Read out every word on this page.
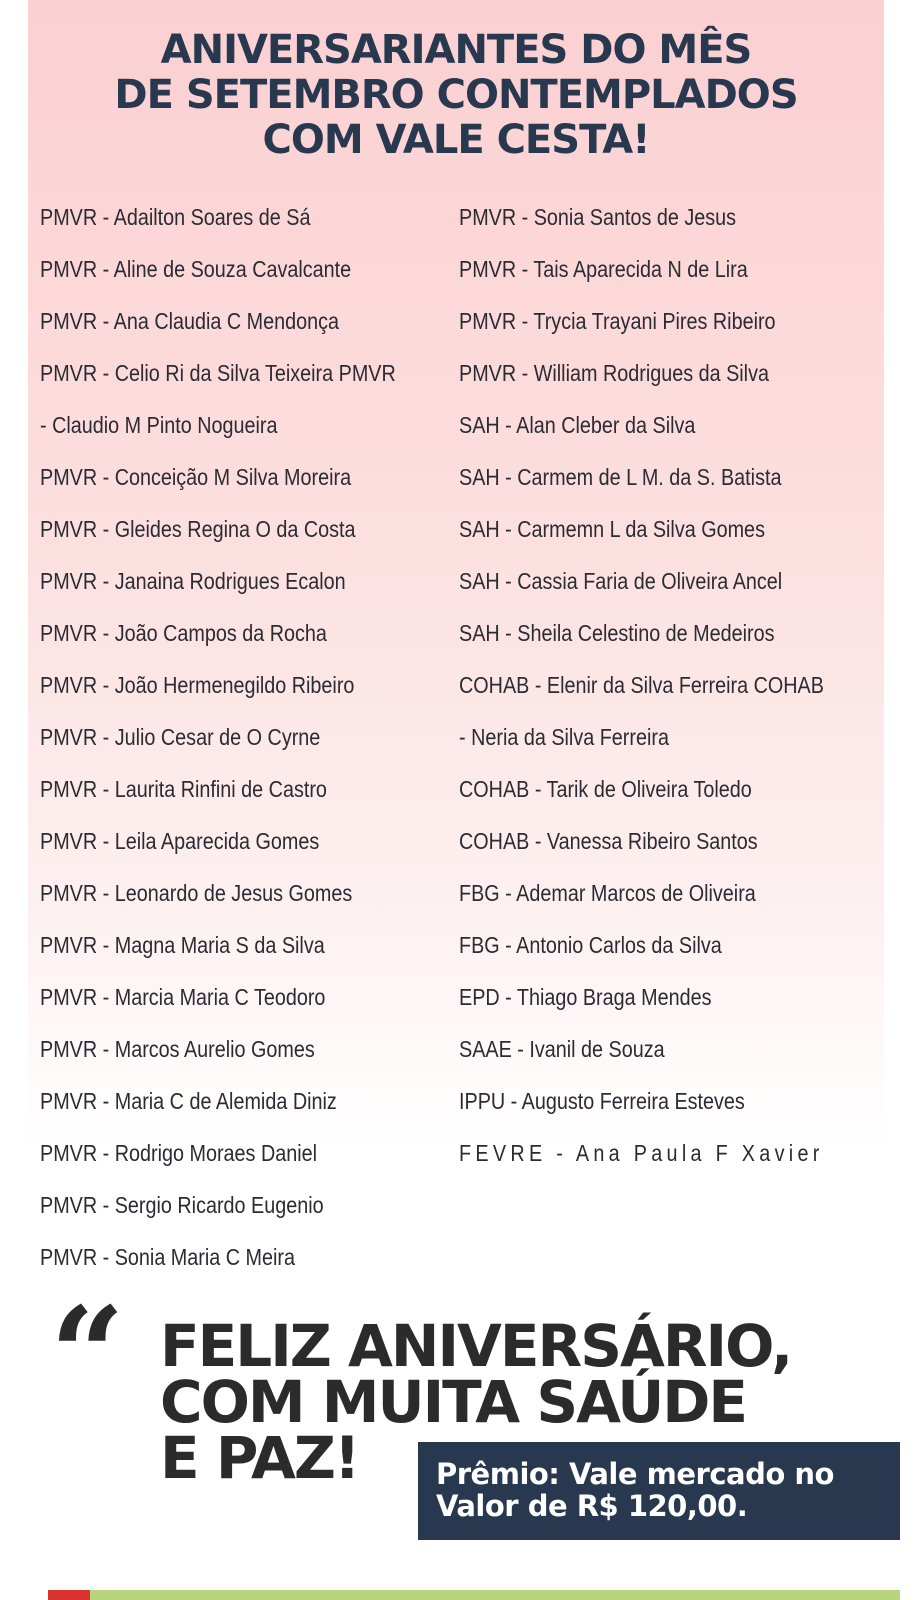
ANIVERSARIANTES DO MÊS
DE SETEMBRO CONTEMPLADOS
COM VALE CESTA!
PMVR - Adailton Soares de Sá
PMVR - Aline de Souza Cavalcante
PMVR - Ana Claudia C Mendonça
PMVR - Celio Ri da Silva Teixeira PMVR
- Claudio M Pinto Nogueira
PMVR - Conceição M Silva Moreira
PMVR - Gleides Regina O da Costa
PMVR - Janaina Rodrigues Ecalon
PMVR - João Campos da Rocha
PMVR - João Hermenegildo Ribeiro
PMVR - Julio Cesar de O Cyrne
PMVR - Laurita Rinfini de Castro
PMVR - Leila Aparecida Gomes
PMVR - Leonardo de Jesus Gomes
PMVR - Magna Maria S da Silva
PMVR - Marcia Maria C Teodoro
PMVR - Marcos Aurelio Gomes
PMVR - Maria C de Alemida Diniz
PMVR - Rodrigo Moraes Daniel
PMVR - Sergio Ricardo Eugenio
PMVR - Sonia Maria C Meira
PMVR - Sonia Santos de Jesus
PMVR - Tais Aparecida N de Lira
PMVR - Trycia Trayani Pires Ribeiro
PMVR - William Rodrigues da Silva
SAH - Alan Cleber da Silva
SAH - Carmem de L M. da S. Batista
SAH - Carmemn L da Silva Gomes
SAH - Cassia Faria de Oliveira Ancel
SAH - Sheila Celestino de Medeiros
COHAB - Elenir da Silva Ferreira COHAB
- Neria da Silva Ferreira
COHAB - Tarik de Oliveira Toledo
COHAB - Vanessa Ribeiro Santos
FBG - Ademar Marcos de Oliveira
FBG - Antonio Carlos da Silva
EPD - Thiago Braga Mendes
SAAE - Ivanil de Souza
IPPU - Augusto Ferreira Esteves
FEVRE - Ana Paula F Xavier
“ FELIZ ANIVERSÁRIO,
COM MUITA SAÚDE
E PAZ!	Prêmio: Vale mercado no
Valor de R$ 120,00.
